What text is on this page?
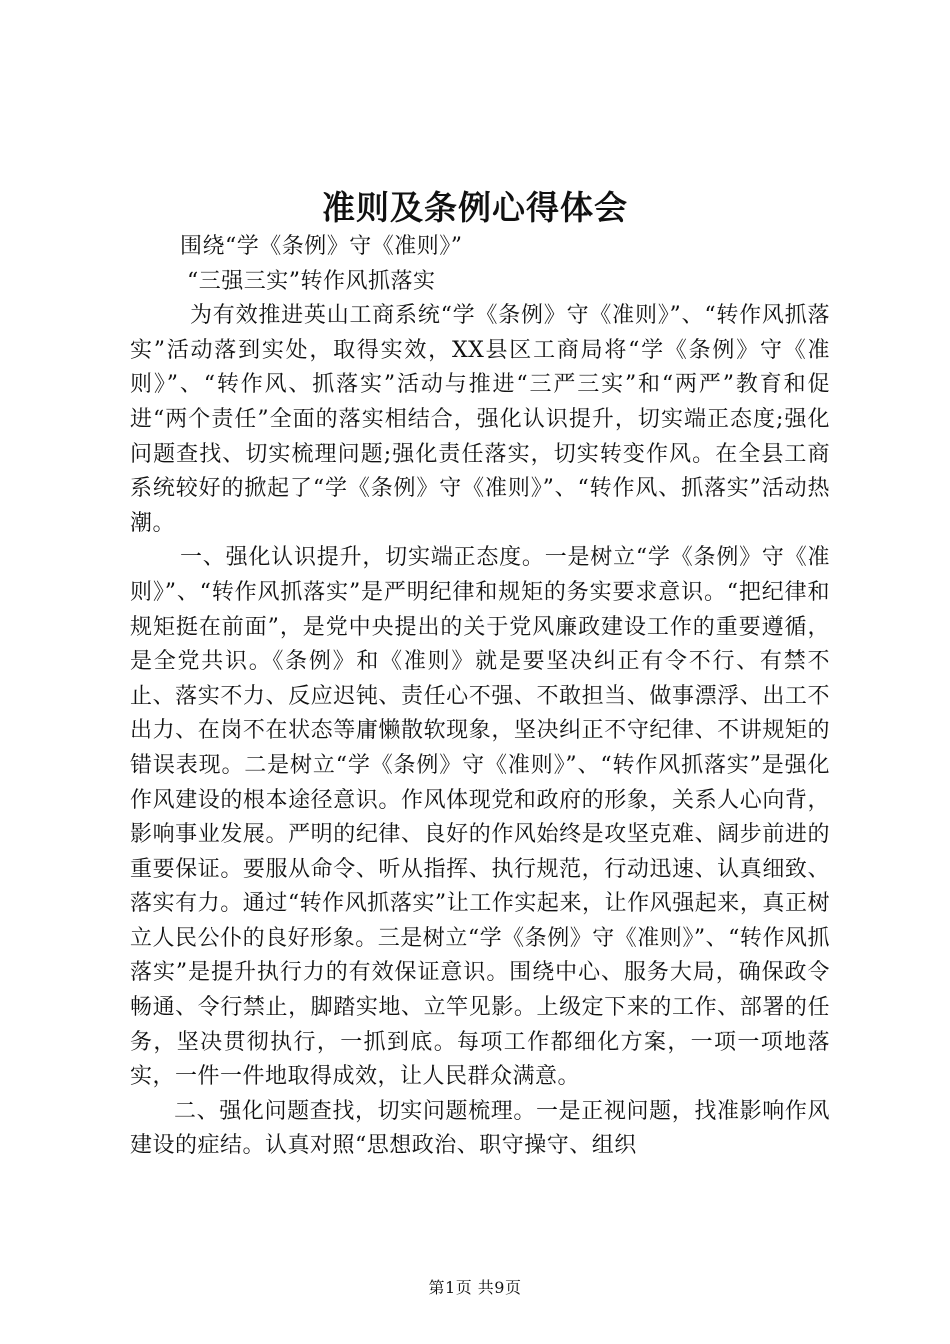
准则及条例心得体会

围绕“学《条例》守《准则》”

“三强三实”转作风抓落实

为有效推进英山工商系统“学《条例》守《准则》”、“转作风抓落实”活动落到实处，取得实效，XX县区工商局将“学《条例》守《准则》”、“转作风、抓落实”活动与推进“三严三实”和“两严”教育和促进“两个责任”全面的落实相结合，强化认识提升，切实端正态度;强化问题查找、切实梳理问题;强化责任落实，切实转变作风。在全县工商系统较好的掀起了“学《条例》守《准则》”、“转作风、抓落实”活动热潮。

一、强化认识提升，切实端正态度。一是树立“学《条例》守《准则》”、“转作风抓落实”是严明纪律和规矩的务实要求意识。“把纪律和规矩挺在前面”，是党中央提出的关于党风廉政建设工作的重要遵循，是全党共识。《条例》和《准则》就是要坚决纠正有令不行、有禁不止、落实不力、反应迟钝、责任心不强、不敢担当、做事漂浮、出工不出力、在岗不在状态等庸懒散软现象，坚决纠正不守纪律、不讲规矩的错误表现。二是树立“学《条例》守《准则》”、“转作风抓落实”是强化作风建设的根本途径意识。作风体现党和政府的形象，关系人心向背，影响事业发展。严明的纪律、良好的作风始终是攻坚克难、阔步前进的重要保证。要服从命令、听从指挥、执行规范，行动迅速、认真细致、落实有力。通过“转作风抓落实”让工作实起来，让作风强起来，真正树立人民公仆的良好形象。三是树立“学《条例》守《准则》”、“转作风抓落实”是提升执行力的有效保证意识。围绕中心、服务大局，确保政令畅通、令行禁止，脚踏实地、立竿见影。上级定下来的工作、部署的任务，坚决贯彻执行，一抓到底。每项工作都细化方案，一项一项地落实，一件一件地取得成效，让人民群众满意。

二、强化问题查找，切实问题梳理。一是正视问题，找准影响作风建设的症结。认真对照“思想政治、职守操守、组织

第1页 共9页
